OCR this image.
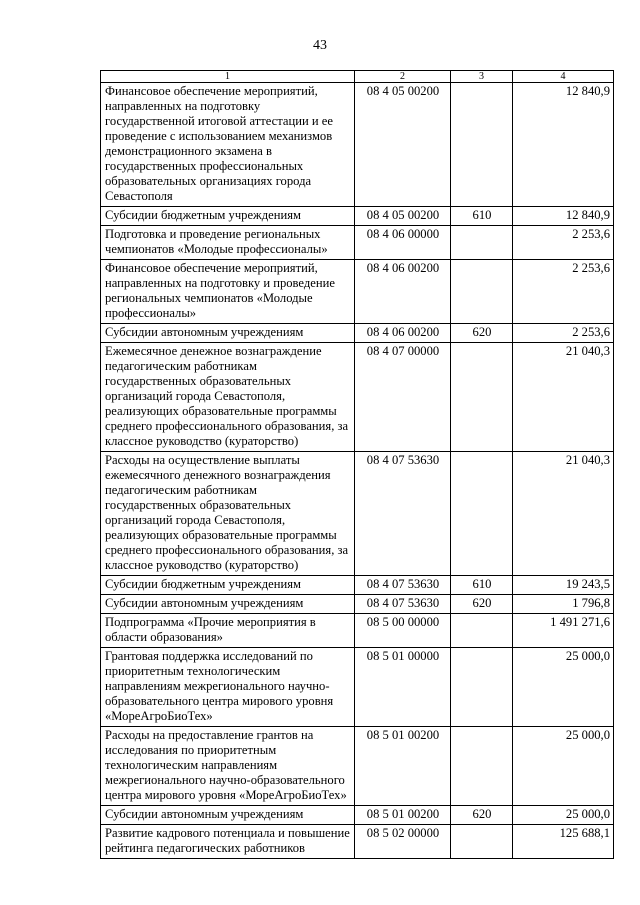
43
1	2	3	4
Финансовое обеспечение мероприятий, направленных на подготовку государственной итоговой аттестации и ее проведение с использованием механизмов демонстрационного экзамена в государственных профессиональных образовательных организациях города Севастополя	08 4 05 00200		12 840,9
Субсидии бюджетным учреждениям	08 4 05 00200	610	12 840,9
Подготовка и проведение региональных чемпионатов «Молодые профессионалы»	08 4 06 00000		2 253,6
Финансовое обеспечение мероприятий, направленных на подготовку и проведение региональных чемпионатов «Молодые профессионалы»	08 4 06 00200		2 253,6
Субсидии автономным учреждениям	08 4 06 00200	620	2 253,6
Ежемесячное денежное вознаграждение педагогическим работникам государственных образовательных организаций города Севастополя, реализующих образовательные программы среднего профессионального образования, за классное руководство (кураторство)	08 4 07 00000		21 040,3
Расходы на осуществление выплаты ежемесячного денежного вознаграждения педагогическим работникам государственных образовательных организаций города Севастополя, реализующих образовательные программы среднего профессионального образования, за классное руководство (кураторство)	08 4 07 53630		21 040,3
Субсидии бюджетным учреждениям	08 4 07 53630	610	19 243,5
Субсидии автономным учреждениям	08 4 07 53630	620	1 796,8
Подпрограмма «Прочие мероприятия в области образования»	08 5 00 00000		1 491 271,6
Грантовая поддержка исследований по приоритетным технологическим направлениям межрегионального научно-образовательного центра мирового уровня «МореАгроБиоТех»	08 5 01 00000		25 000,0
Расходы на предоставление грантов на исследования по приоритетным технологическим направлениям межрегионального научно-образовательного центра мирового уровня «МореАгроБиоТех»	08 5 01 00200		25 000,0
Субсидии автономным учреждениям	08 5 01 00200	620	25 000,0
Развитие кадрового потенциала и повышение рейтинга педагогических работников	08 5 02 00000		125 688,1
